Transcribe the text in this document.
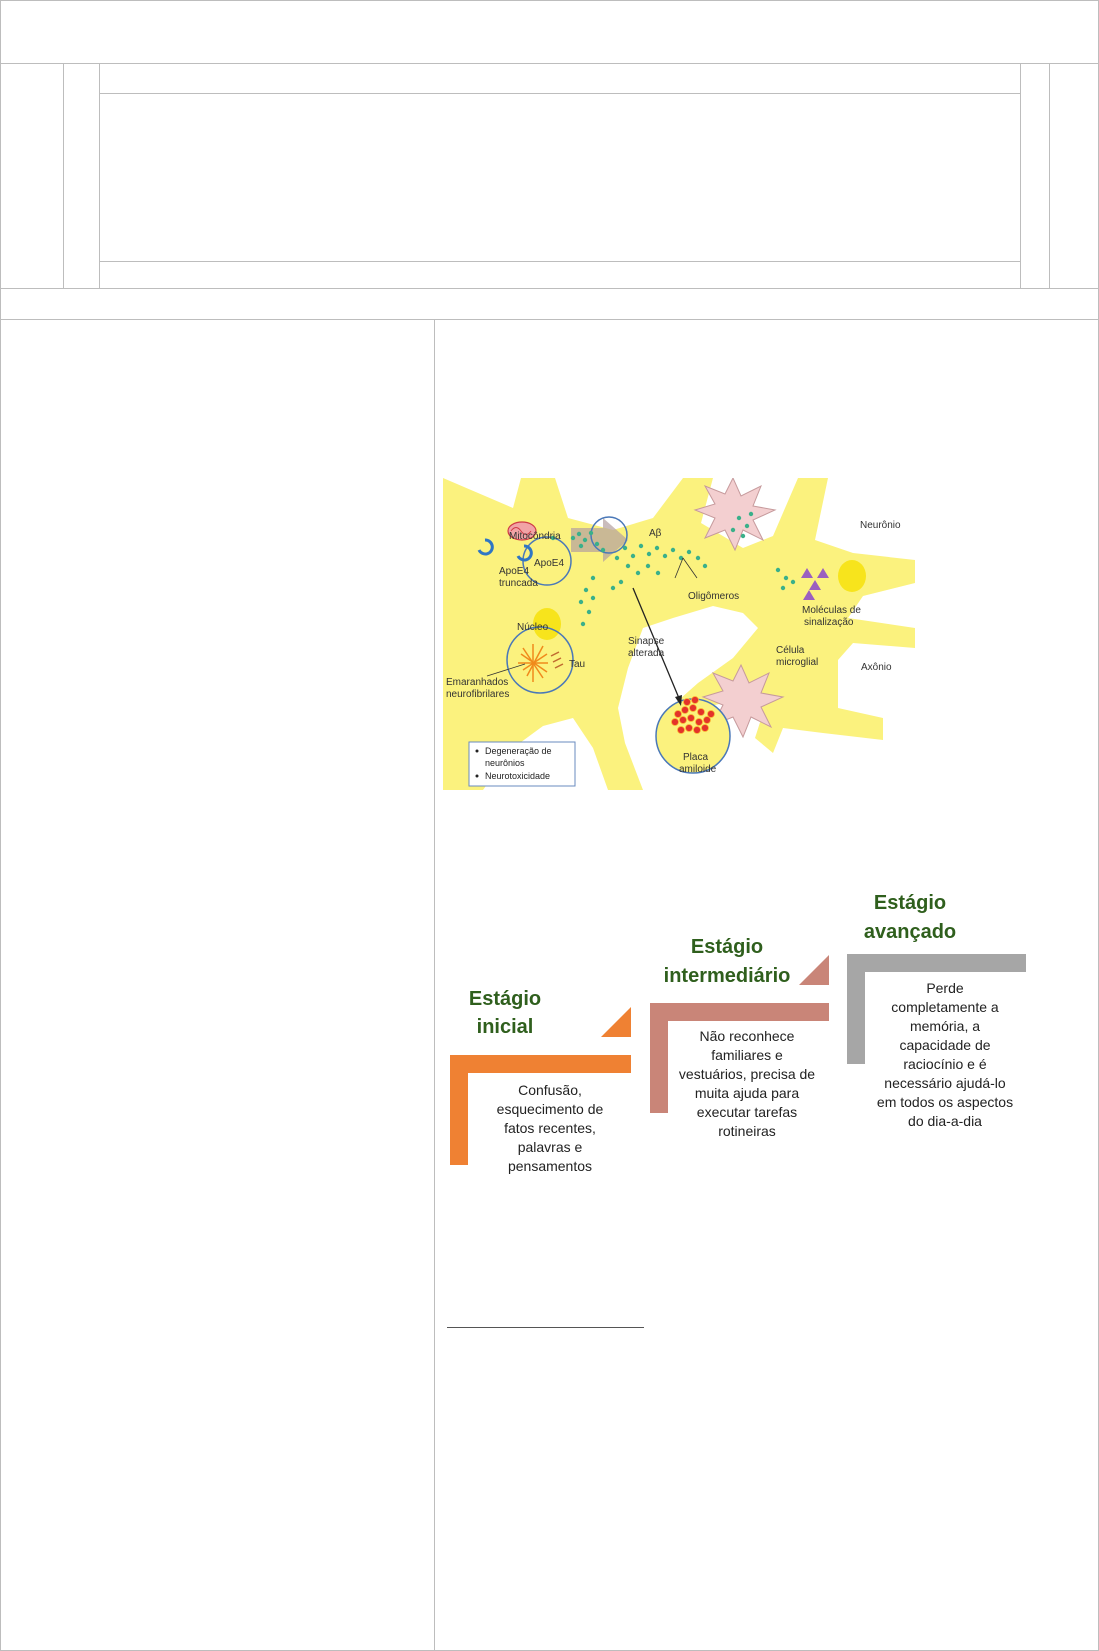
Mitocôndria
ApoE4
truncada
ApoE4
Aβ
Oligômeros
Neurônio
Núcleo
Moléculas de
sinalização
Sinapse
alterada	Célula
microglial	Axônio
Tau
Emaranhados
neurofibrilares
Placa
amiloide
Degeneração de
neurônios
Neurotoxicidade
Estágio
inicial
Confusão,
esquecimento de
fatos recentes,
palavras e
pensamentos
Estágio
intermediário
Não reconhece
familiares e
vestuários, precisa de
muita ajuda para
executar tarefas
rotineiras
Estágio
avançado
Perde
completamente a
memória, a
capacidade de
raciocínio e é
necessário ajudá-lo
em todos os aspectos
do dia-a-dia
